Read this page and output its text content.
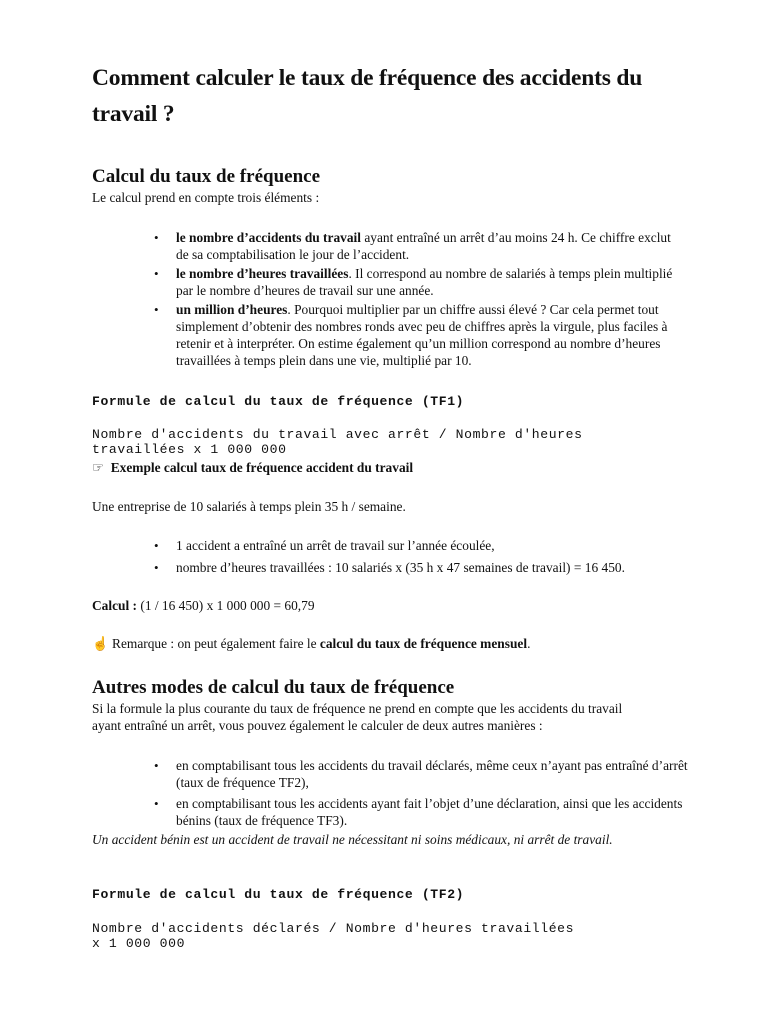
Comment calculer le taux de fréquence des accidents du travail ?
Calcul du taux de fréquence

Le calcul prend en compte trois éléments :

• le nombre d’accidents du travail ayant entraîné un arrêt d’au moins 24 h. Ce chiffre exclut de sa comptabilisation le jour de l’accident.
• le nombre d’heures travaillées. Il correspond au nombre de salariés à temps plein multiplié par le nombre d’heures de travail sur une année.
• un million d’heures. Pourquoi multiplier par un chiffre aussi élevé ? Car cela permet tout simplement d’obtenir des nombres ronds avec peu de chiffres après la virgule, plus faciles à retenir et à interpréter. On estime également qu’un million correspond au nombre d’heures travaillées à temps plein dans une vie, multiplié par 10.
Formule de calcul du taux de fréquence (TF1)
Nombre d'accidents du travail avec arrêt / Nombre d'heures
travaillées x 1 000 000

☞ Exemple calcul taux de fréquence accident du travail

Une entreprise de 10 salariés à temps plein 35 h / semaine.

• 1 accident a entraîné un arrêt de travail sur l’année écoulée,
• nombre d’heures travaillées : 10 salariés x (35 h x 47 semaines de travail) = 16 450.

Calcul : (1 / 16 450) x 1 000 000 = 60,79

☝ Remarque : on peut également faire le calcul du taux de fréquence mensuel.

Autres modes de calcul du taux de fréquence

Si la formule la plus courante du taux de fréquence ne prend en compte que les accidents du travail ayant entraîné un arrêt, vous pouvez également le calculer de deux autres manières :

• en comptabilisant tous les accidents du travail déclarés, même ceux n’ayant pas entraîné d’arrêt (taux de fréquence TF2),
• en comptabilisant tous les accidents ayant fait l’objet d’une déclaration, ainsi que les accidents bénins (taux de fréquence TF3).

Un accident bénin est un accident de travail ne nécessitant ni soins médicaux, ni arrêt de travail.

Formule de calcul du taux de fréquence (TF2)
Nombre d'accidents déclarés / Nombre d'heures travaillées
x 1 000 000
